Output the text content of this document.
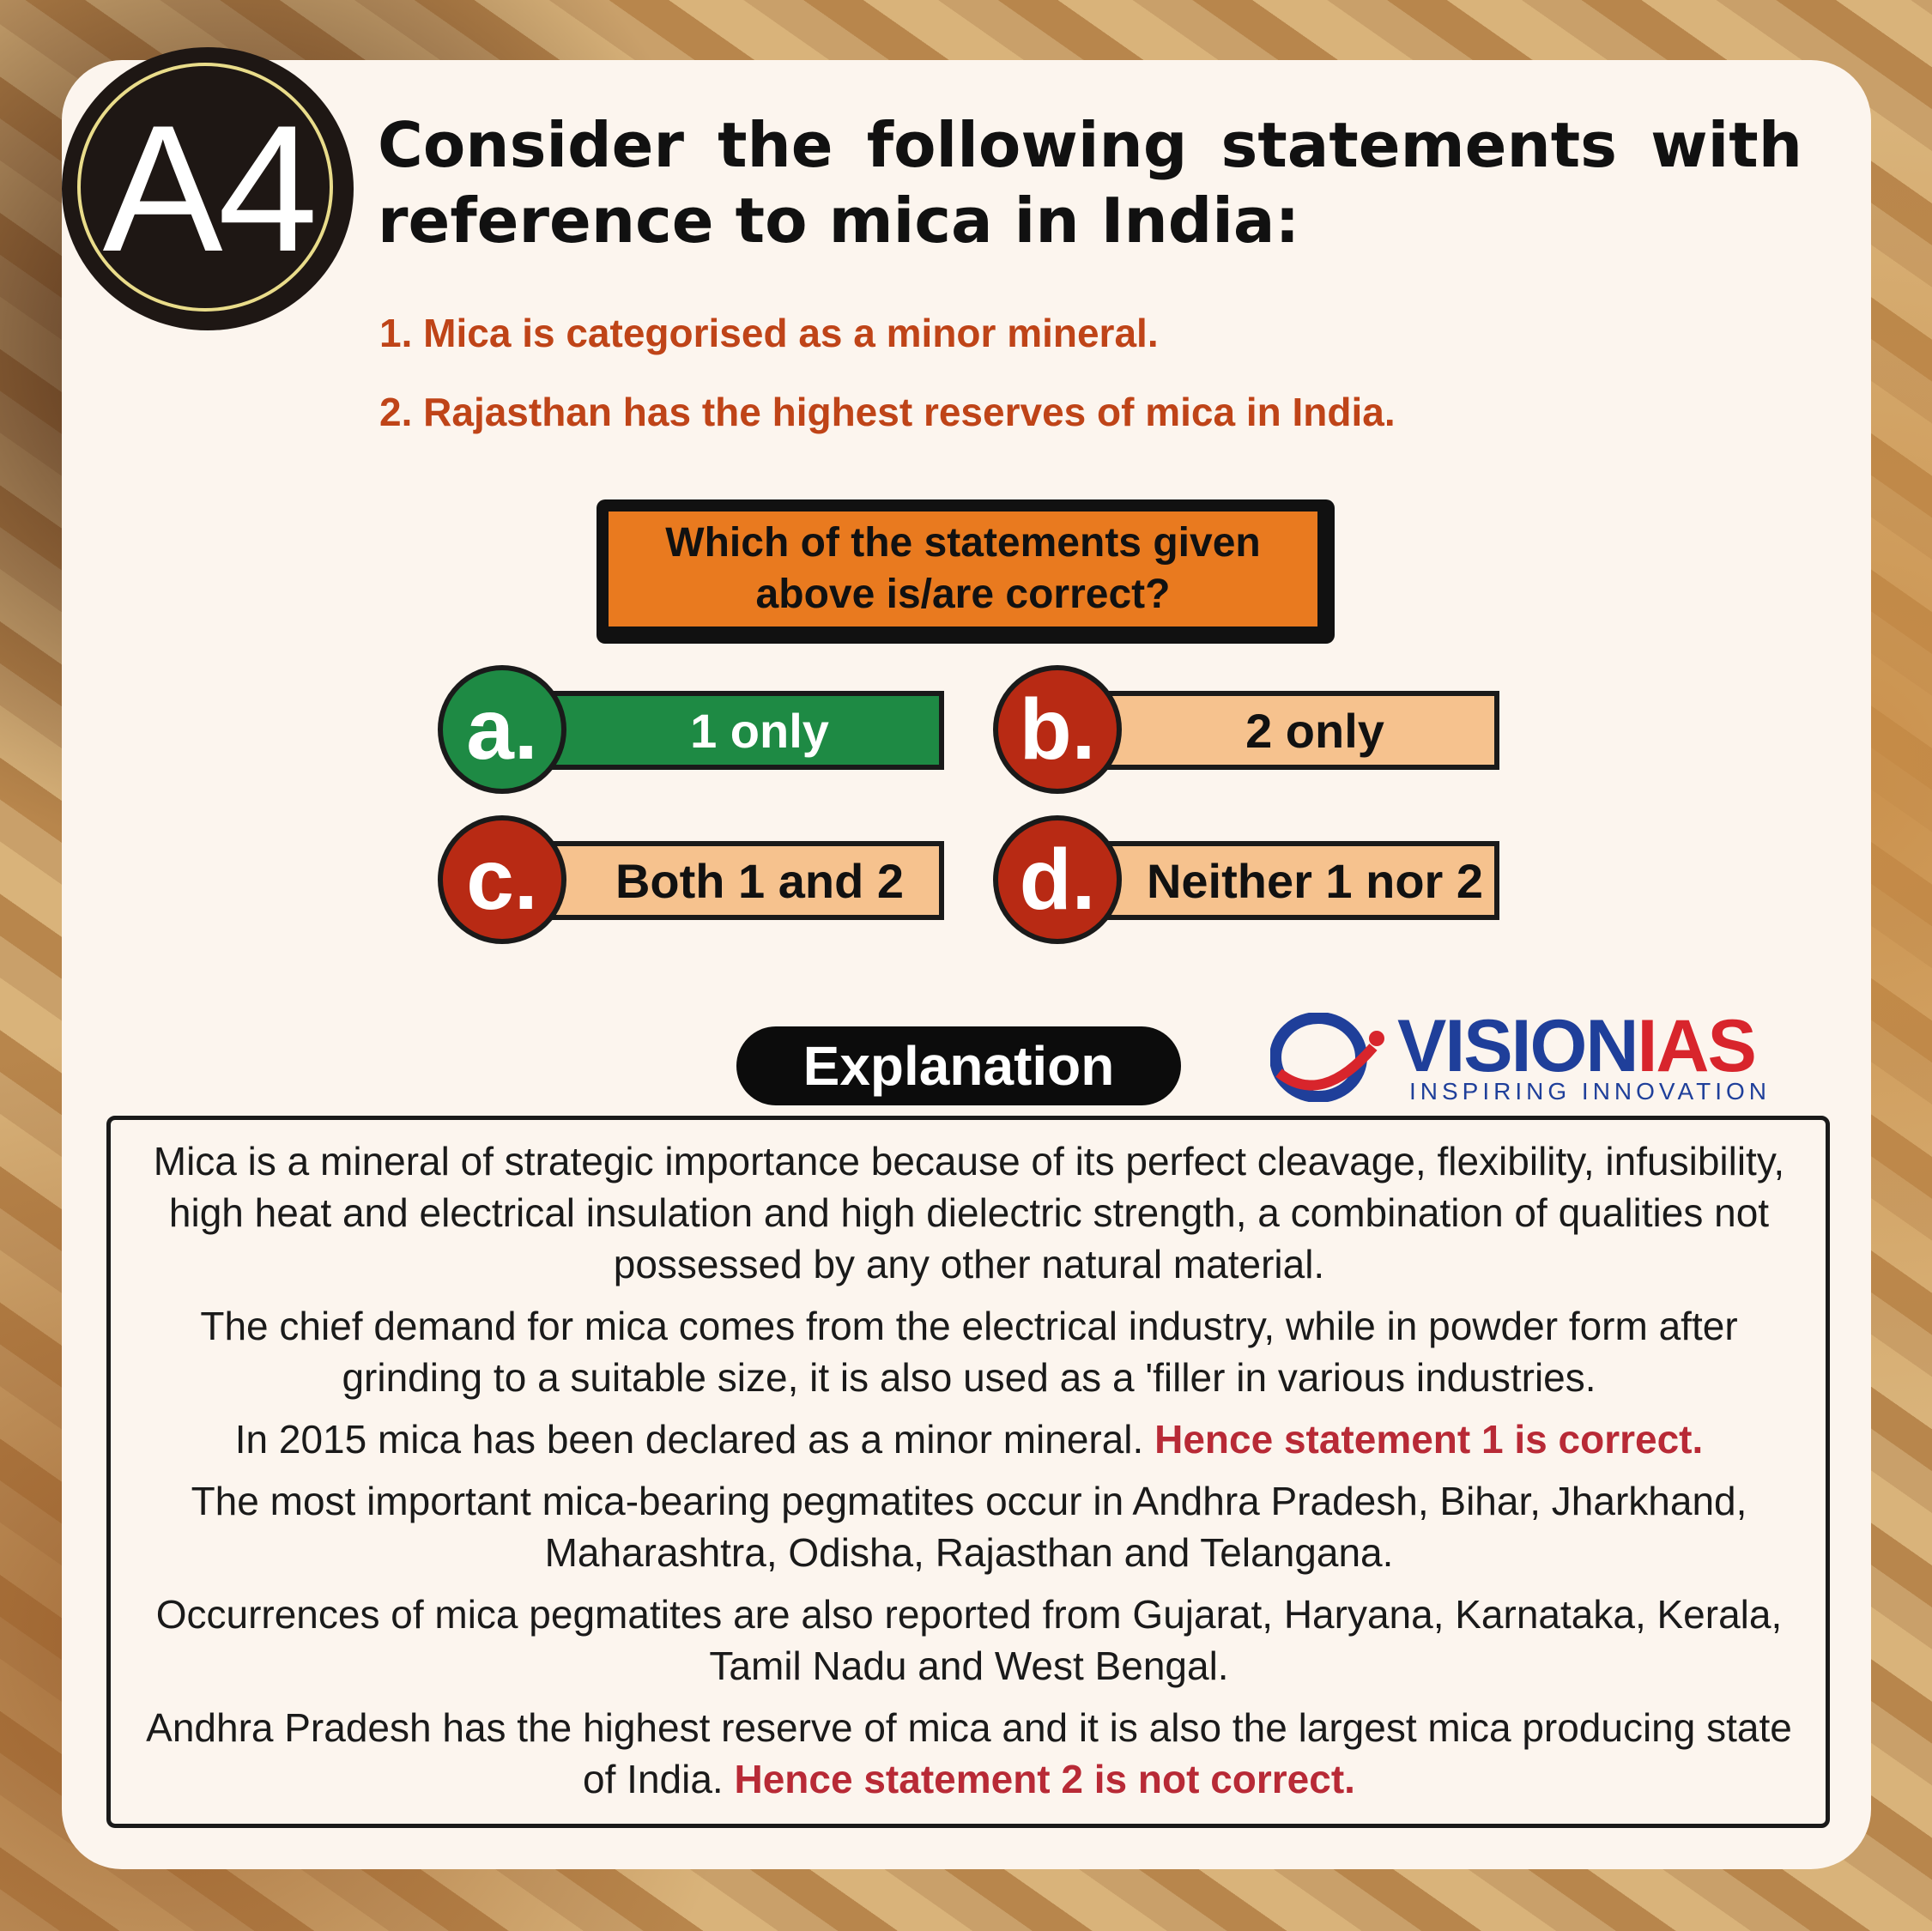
A4	Consider the following statements with
reference to mica in India:
1. Mica is categorised as a minor mineral.
2. Rajasthan has the highest reserves of mica in India.
Which of the statements given above is/are correct?
1 only
a.	2 only
b.
Both 1 and 2
c.	Neither 1 nor 2
d.
Explanation	VISIONIAS
INSPIRING INNOVATION

Mica is a mineral of strategic importance because of its perfect cleavage, flexibility, infusibility, high heat and electrical insulation and high dielectric strength, a combination of qualities not possessed by any other natural material.

The chief demand for mica comes from the electrical industry, while in powder form after grinding to a suitable size, it is also used as a 'filler in various industries.

In 2015 mica has been declared as a minor mineral. Hence statement 1 is correct.

The most important mica-bearing pegmatites occur in Andhra Pradesh, Bihar, Jharkhand, Maharashtra, Odisha, Rajasthan and Telangana.

Occurrences of mica pegmatites are also reported from Gujarat, Haryana, Karnataka, Kerala, Tamil Nadu and West Bengal.

Andhra Pradesh has the highest reserve of mica and it is also the largest mica producing state of India. Hence statement 2 is not correct.
